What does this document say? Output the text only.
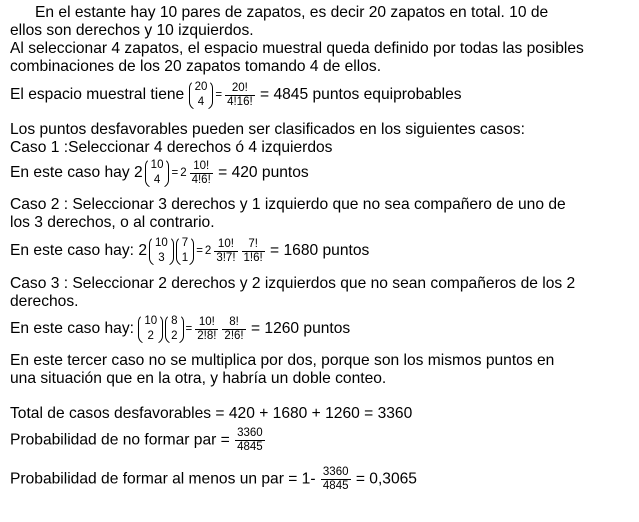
En el estante hay 10 pares de zapatos, es decir 20 zapatos en total. 10 de
ellos son derechos y 10 izquierdos.
Al seleccionar 4 zapatos, el espacio muestral queda definido por todas las posibles
combinaciones de los 20 zapatos tomando 4 de ellos.
El espacio muestral tiene 20
4
= $\frac{20!}{4!16!} = 4845$ puntos equiprobables
Los puntos desfavorables pueden ser clasificados en los siguientes casos:
Caso 1 :Seleccionar 4 derechos ó 4 izquierdos
En este caso hay 2 10
4
= $2 \frac{10!}{4!6!} = 420$ puntos
Caso 2 : Seleccionar 3 derechos y 1 izquierdo que no sea compañero de uno de
los 3 derechos, o al contrario.
En este caso hay: 2 10
3
7
1
= $2 \frac{10!}{3!7!} \frac{7!}{1!6!} = 1680$ puntos
Caso 3 : Seleccionar 2 derechos y 2 izquierdos que no sean compañeros de los 2
derechos.
En este caso hay: 10
2
8
2
= $\frac{10!}{2!8!} \frac{8!}{2!6!} = 1260$ puntos
En este tercer caso no se multiplica por dos, porque son los mismos puntos en
una situación que en la otra, y habría un doble conteo.
Total de casos desfavorables = 420 + 1680 + 1260 = 3360
Probabilidad de no formar par = $\frac{3360}{4845}$
Probabilidad de formar al menos un par = $1- \frac{3360}{4845} = 0,3065$
